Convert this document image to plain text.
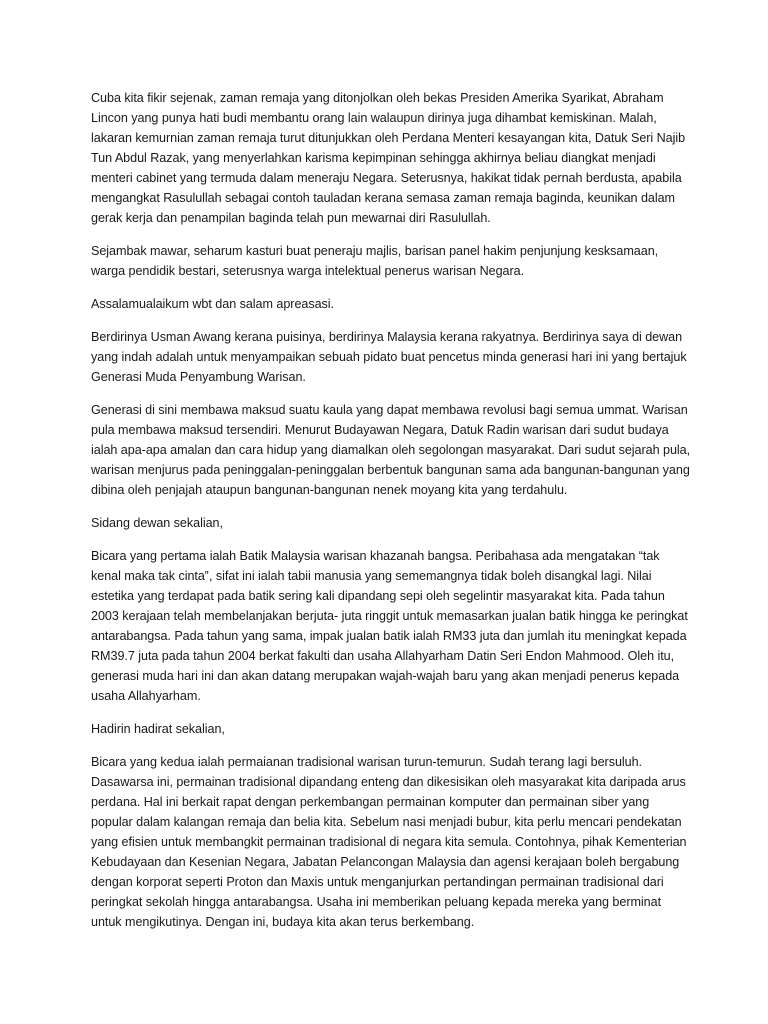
Cuba kita fikir sejenak, zaman remaja yang ditonjolkan oleh bekas Presiden Amerika Syarikat, Abraham Lincon yang punya hati budi membantu orang lain walaupun dirinya juga dihambat kemiskinan. Malah, lakaran kemurnian zaman remaja turut ditunjukkan oleh Perdana Menteri kesayangan kita, Datuk Seri Najib Tun Abdul Razak, yang menyerlahkan karisma kepimpinan sehingga akhirnya beliau diangkat menjadi menteri cabinet yang termuda dalam meneraju Negara. Seterusnya, hakikat tidak pernah berdusta, apabila mengangkat Rasulullah sebagai contoh tauladan kerana semasa zaman remaja baginda, keunikan dalam gerak kerja dan penampilan baginda telah pun mewarnai diri Rasulullah.

Sejambak mawar, seharum kasturi buat peneraju majlis, barisan panel hakim penjunjung kesksamaan, warga pendidik bestari, seterusnya warga intelektual penerus warisan Negara.

Assalamualaikum wbt dan salam apreasasi.

Berdirinya Usman Awang kerana puisinya, berdirinya Malaysia kerana rakyatnya. Berdirinya saya di dewan yang indah adalah untuk menyampaikan sebuah pidato buat pencetus minda generasi hari ini yang bertajuk Generasi Muda Penyambung Warisan.

Generasi di sini membawa maksud suatu kaula yang dapat membawa revolusi bagi semua ummat. Warisan pula membawa maksud tersendiri. Menurut Budayawan Negara, Datuk Radin warisan dari sudut budaya ialah apa-apa amalan dan cara hidup yang diamalkan oleh segolongan masyarakat. Dari sudut sejarah pula, warisan menjurus pada peninggalan-peninggalan berbentuk bangunan sama ada bangunan-bangunan yang dibina oleh penjajah ataupun bangunan-bangunan nenek moyang kita yang terdahulu.

Sidang dewan sekalian,

Bicara yang pertama ialah Batik Malaysia warisan khazanah bangsa. Peribahasa ada mengatakan “tak kenal maka tak cinta‟, sifat ini ialah tabii manusia yang sememangnya tidak boleh disangkal lagi. Nilai estetika yang terdapat pada batik sering kali dipandang sepi oleh segelintir masyarakat kita. Pada tahun 2003 kerajaan telah membelanjakan berjuta- juta ringgit untuk memasarkan jualan batik hingga ke peringkat antarabangsa. Pada tahun yang sama, impak jualan batik ialah RM33 juta dan jumlah itu meningkat kepada RM39.7 juta pada tahun 2004 berkat fakulti dan usaha Allahyarham Datin Seri Endon Mahmood. Oleh itu, generasi muda hari ini dan akan datang merupakan wajah-wajah baru yang akan menjadi penerus kepada usaha Allahyarham.

Hadirin hadirat sekalian,

Bicara yang kedua ialah permaianan tradisional warisan turun-temurun. Sudah terang lagi bersuluh. Dasawarsa ini, permainan tradisional dipandang enteng dan dikesisikan oleh masyarakat kita daripada arus perdana. Hal ini berkait rapat dengan perkembangan permainan komputer dan permainan siber yang popular dalam kalangan remaja dan belia kita. Sebelum nasi menjadi bubur, kita perlu mencari pendekatan yang efisien untuk membangkit permainan tradisional di negara kita semula. Contohnya, pihak Kementerian Kebudayaan dan Kesenian Negara, Jabatan Pelancongan Malaysia dan agensi kerajaan boleh bergabung dengan korporat seperti Proton dan Maxis untuk menganjurkan pertandingan permainan tradisional dari peringkat sekolah hingga antarabangsa. Usaha ini memberikan peluang kepada mereka yang berminat untuk mengikutinya. Dengan ini, budaya kita akan terus berkembang.
